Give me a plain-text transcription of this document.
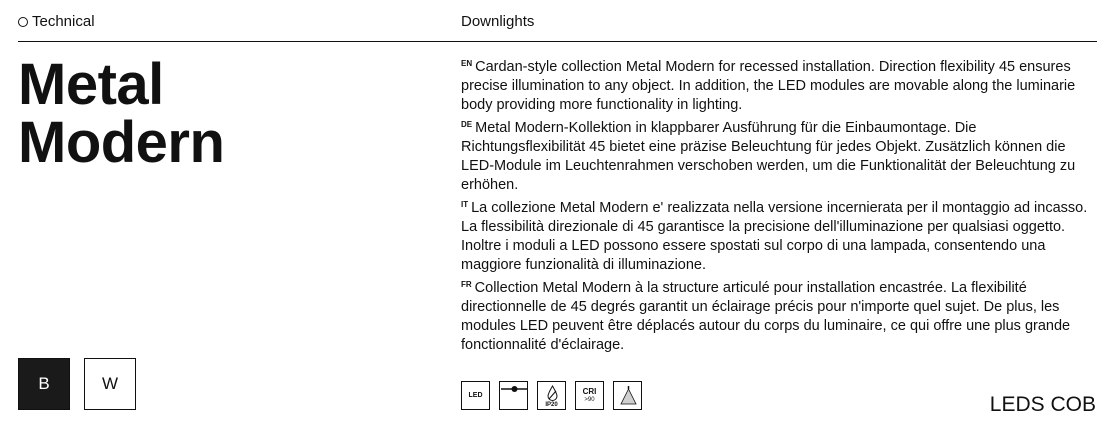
Technical	Downlights
Metal
Modern

$^{EN}$ Cardan-style collection Metal Modern for recessed installation. Direction flexibility 45 ensures precise illumination to any object. In addition, the LED modules are movable along the luminarie body providing more functionality in lighting.

$^{DE}$ Metal Modern-Kollektion in klappbarer Ausführung für die Einbaumontage. Die Richtungsflexibilität 45 bietet eine präzise Beleuchtung für jedes Objekt. Zusätzlich können die LED-Module im Leuchtenrahmen verschoben werden, um die Funktionalität der Beleuchtung zu erhöhen.

$^{IT}$ La collezione Metal Modern e' realizzata nella versione incernierata per il montaggio ad incasso. La flessibilità direzionale di 45 garantisce la precisione dell'illuminazione per qualsiasi oggetto. Inoltre i moduli a LED possono essere spostati sul corpo di una lampada, consentendo una maggiore funzionalità di illuminazione.

$^{FR}$ Collection Metal Modern à la structure articulé pour installation encastrée. La flexibilité directionnelle de 45 degrés garantit un éclairage précis pour n'importe quel sujet. De plus, les modules LED peuvent être déplacés autour du corps du luminaire, ce qui offre une plus grande fonctionnalité d'éclairage.

B	W
LED
IP20
CRI
>90	LEDS COB
